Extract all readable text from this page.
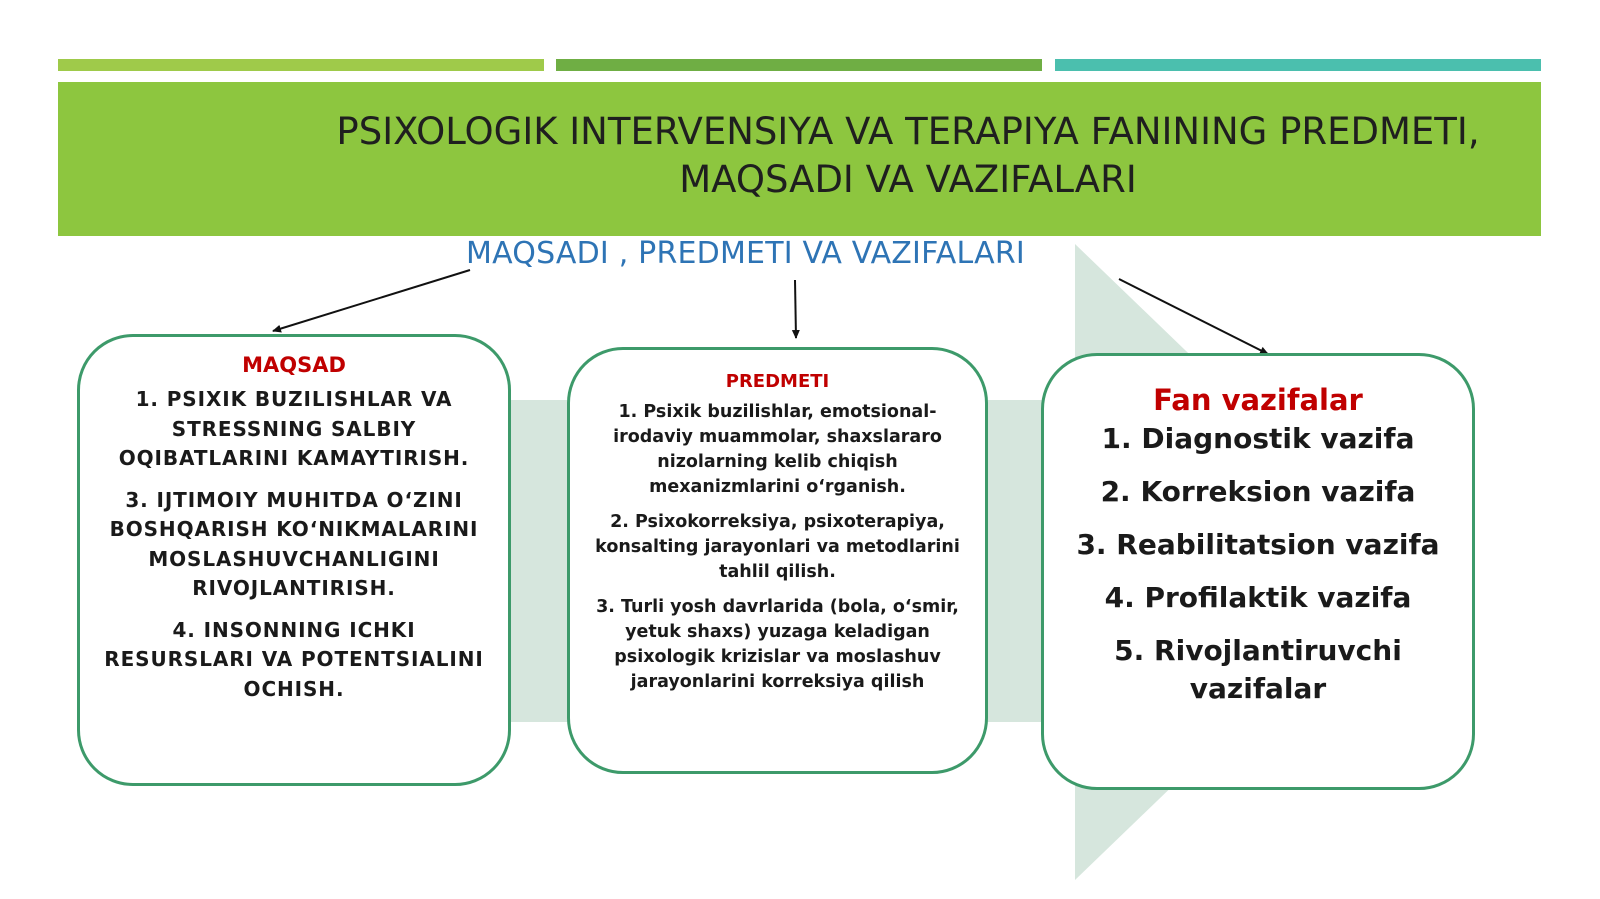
PSIXOLOGIK INTERVENSIYA VA TERAPIYA FANINING PREDMETI, MAQSADI VA VAZIFALARI
MAQSADI , PREDMETI VA VAZIFALARI

MAQSAD

1. PSIXIK BUZILISHLAR VA STRESSNING SALBIY OQIBATLARINI KAMAYTIRISH.

3. IJTIMOIY MUHITDA O‘ZINI BOSHQARISH KO‘NIKMALARINI MOSLASHUVCHANLIGINI RIVOJLANTIRISH.

4. INSONNING ICHKI RESURSLARI VA POTENTSIALINI OCHISH.

PREDMETI

1. Psixik buzilishlar, emotsional-irodaviy muammolar, shaxslararo nizolarning kelib chiqish mexanizmlarini o‘rganish.

2. Psixokorreksiya, psixoterapiya, konsalting jarayonlari va metodlarini tahlil qilish.

3. Turli yosh davrlarida (bola, o‘smir, yetuk shaxs) yuzaga keladigan psixologik krizislar va moslashuv jarayonlarini korreksiya qilish

Fan vazifalar

1. Diagnostik vazifa

2. Korreksion vazifa

3. Reabilitatsion vazifa

4. Profilaktik vazifa

5. Rivojlantiruvchi vazifalar
